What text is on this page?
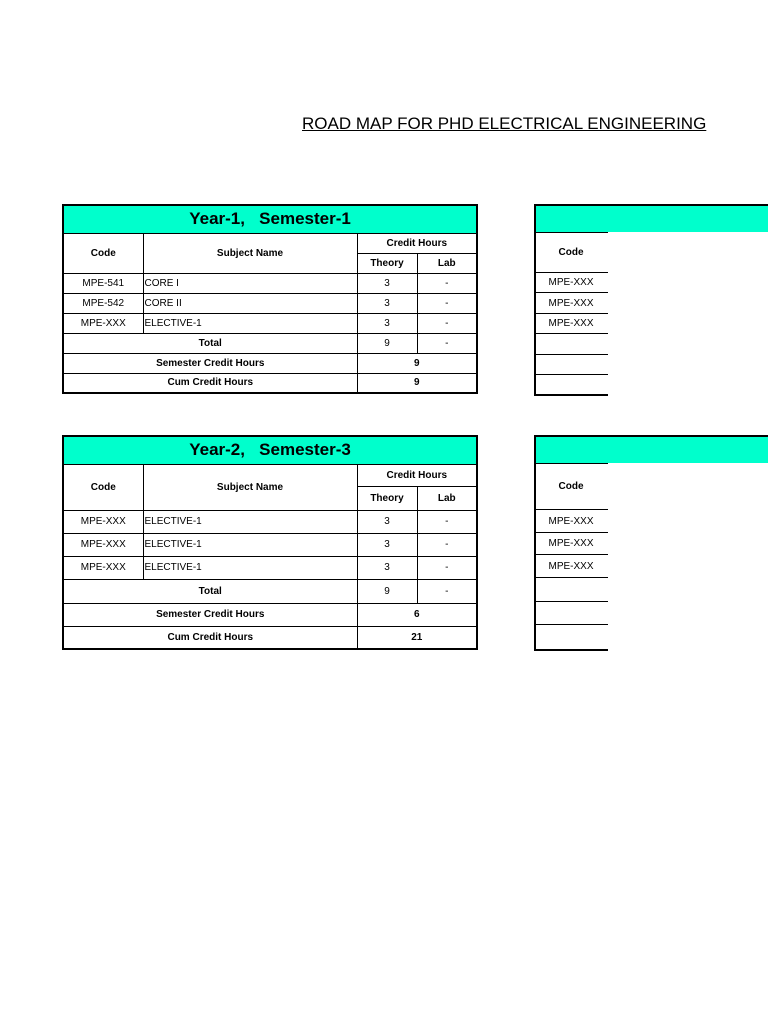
ROAD MAP FOR PHD ELECTRICAL ENGINEERING
Year-1, Semester-1			
Code	Subject Name	Credit Hours	
		Theory	Lab
MPE-541	CORE I	3	-
MPE-542	CORE II	3	-
MPE-XXX	ELECTIVE-1	3	-
Total		9	-
Semester Credit Hours		9	
Cum Credit Hours		9	
Year-2, Semester-3			
Code	Subject Name	Credit Hours	
		Theory	Lab
MPE-XXX	ELECTIVE-1	3	-
MPE-XXX	ELECTIVE-1	3	-
MPE-XXX	ELECTIVE-1	3	-
Total		9	-
Semester Credit Hours		6	
Cum Credit Hours		21	
Code
MPE-XXX
MPE-XXX
MPE-XXX
Code
MPE-XXX
MPE-XXX
MPE-XXX
